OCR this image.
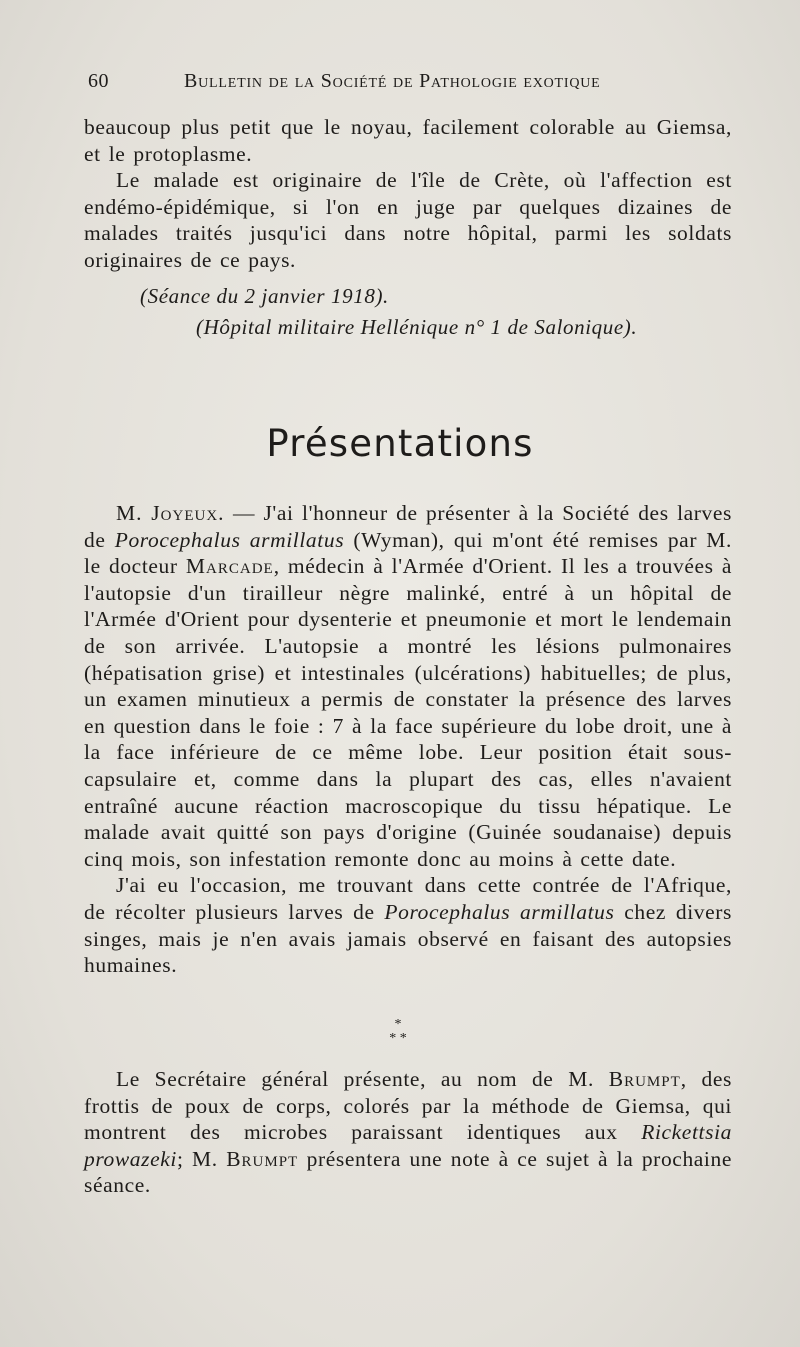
60	Bulletin de la Société de Pathologie exotique

beaucoup plus petit que le noyau, facilement colorable au Giemsa, et le protoplasme.

Le malade est originaire de l'île de Crète, où l'affection est endémo-épidémique, si l'on en juge par quelques dizaines de malades traités jusqu'ici dans notre hôpital, parmi les soldats originaires de ce pays.

(Séance du 2 janvier 1918).
(Hôpital militaire Hellénique n° 1 de Salonique).
Présentations

M. Joyeux. — J'ai l'honneur de présenter à la Société des larves de Porocephalus armillatus (Wyman), qui m'ont été remises par M. le docteur Marcade, médecin à l'Armée d'Orient. Il les a trouvées à l'autopsie d'un tirailleur nègre malinké, entré à un hôpital de l'Armée d'Orient pour dysenterie et pneumonie et mort le lendemain de son arrivée. L'autopsie a montré les lésions pulmonaires (hépatisation grise) et intestinales (ulcérations) habituelles; de plus, un examen minutieux a permis de constater la présence des larves en question dans le foie : 7 à la face supérieure du lobe droit, une à la face inférieure de ce même lobe. Leur position était sous-capsulaire et, comme dans la plupart des cas, elles n'avaient entraîné aucune réaction macroscopique du tissu hépatique. Le malade avait quitté son pays d'origine (Guinée soudanaise) depuis cinq mois, son infestation remonte donc au moins à cette date.

J'ai eu l'occasion, me trouvant dans cette contrée de l'Afrique, de récolter plusieurs larves de Porocephalus armillatus chez divers singes, mais je n'en avais jamais observé en faisant des autopsies humaines.

*
* *

Le Secrétaire général présente, au nom de M. Brumpt, des frottis de poux de corps, colorés par la méthode de Giemsa, qui montrent des microbes paraissant identiques aux Rickettsia prowazeki; M. Brumpt présentera une note à ce sujet à la prochaine séance.
